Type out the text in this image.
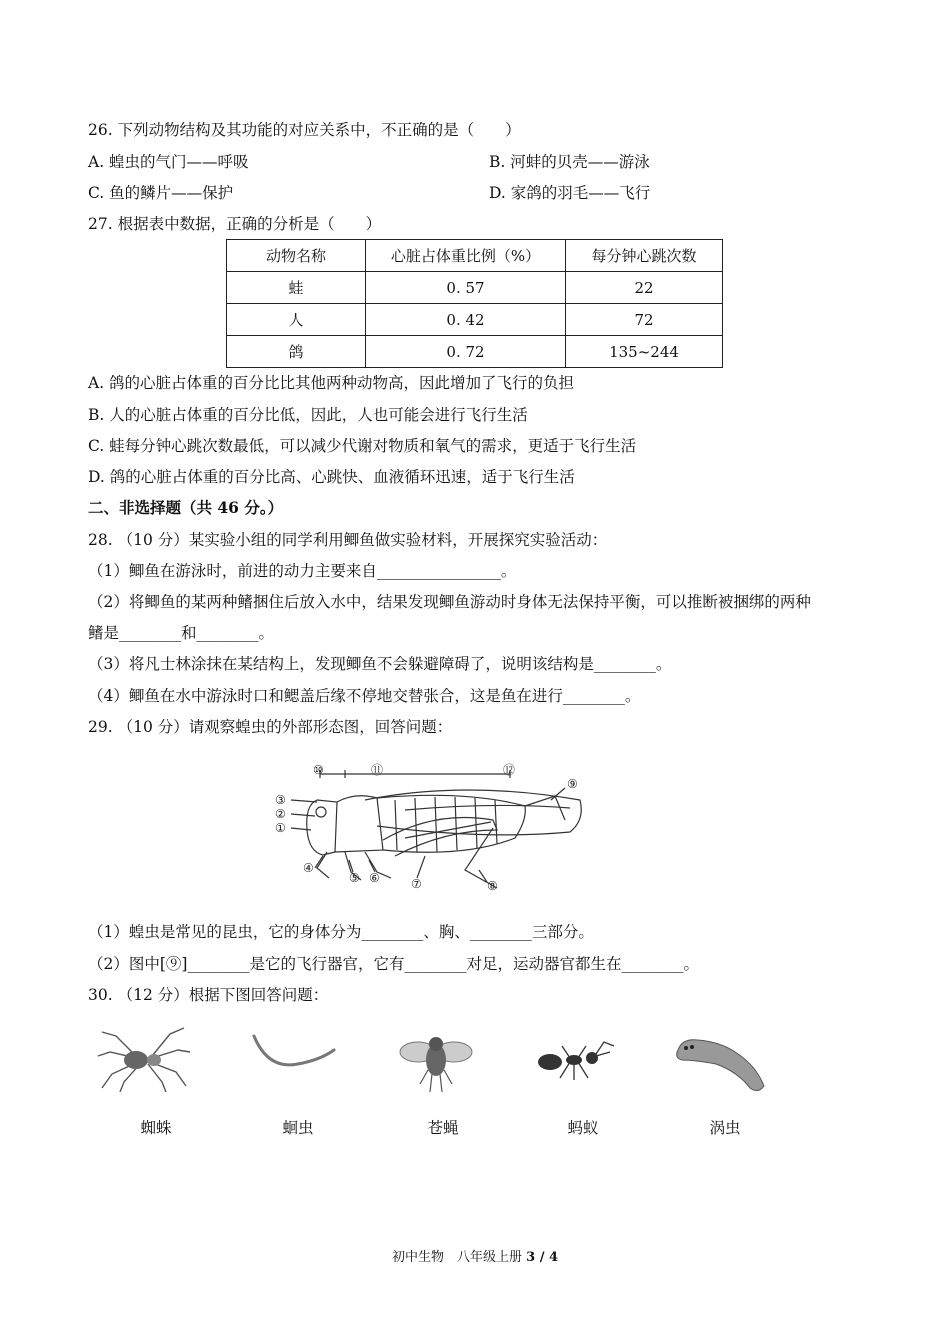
26. 下列动物结构及其功能的对应关系中，不正确的是（　　）
A. 蝗虫的气门——呼吸	B. 河蚌的贝壳——游泳
C. 鱼的鳞片——保护	D. 家鸽的羽毛——飞行
27. 根据表中数据，正确的分析是（　　）
动物名称	心脏占体重比例（%）	每分钟心跳次数
蛙	0. 57	22
人	0. 42	72
鸽	0. 72	135~244
A. 鸽的心脏占体重的百分比比其他两种动物高，因此增加了飞行的负担
B. 人的心脏占体重的百分比低，因此，人也可能会进行飞行生活
C. 蛙每分钟心跳次数最低，可以减少代谢对物质和氧气的需求，更适于飞行生活
D. 鸽的心脏占体重的百分比高、心跳快、血液循环迅速，适于飞行生活
二、非选择题（共 46 分。）
28. （10 分）某实验小组的同学利用鲫鱼做实验材料，开展探究实验活动：
（1）鲫鱼在游泳时，前进的动力主要来自________________。
（2）将鲫鱼的某两种鳍捆住后放入水中，结果发现鲫鱼游动时身体无法保持平衡，可以推断被捆绑的两种
鳍是________和________。
（3）将凡士林涂抹在某结构上，发现鲫鱼不会躲避障碍了，说明该结构是________。
（4）鲫鱼在水中游泳时口和鳃盖后缘不停地交替张合，这是鱼在进行________。
29. （10 分）请观察蝗虫的外部形态图，回答问题：
⑩	⑪	⑫
⑨
③
②
①
④
⑤ ⑥	⑦	⑧
（1）蝗虫是常见的昆虫，它的身体分为________、胸、________三部分。
（2）图中[⑨]________是它的飞行器官，它有________对足，运动器官都生在________。
30. （12 分）根据下图回答问题：
蜘蛛	蛔虫	苍蝇	蚂蚁	涡虫
初中生物　八年级上册 3 / 4
